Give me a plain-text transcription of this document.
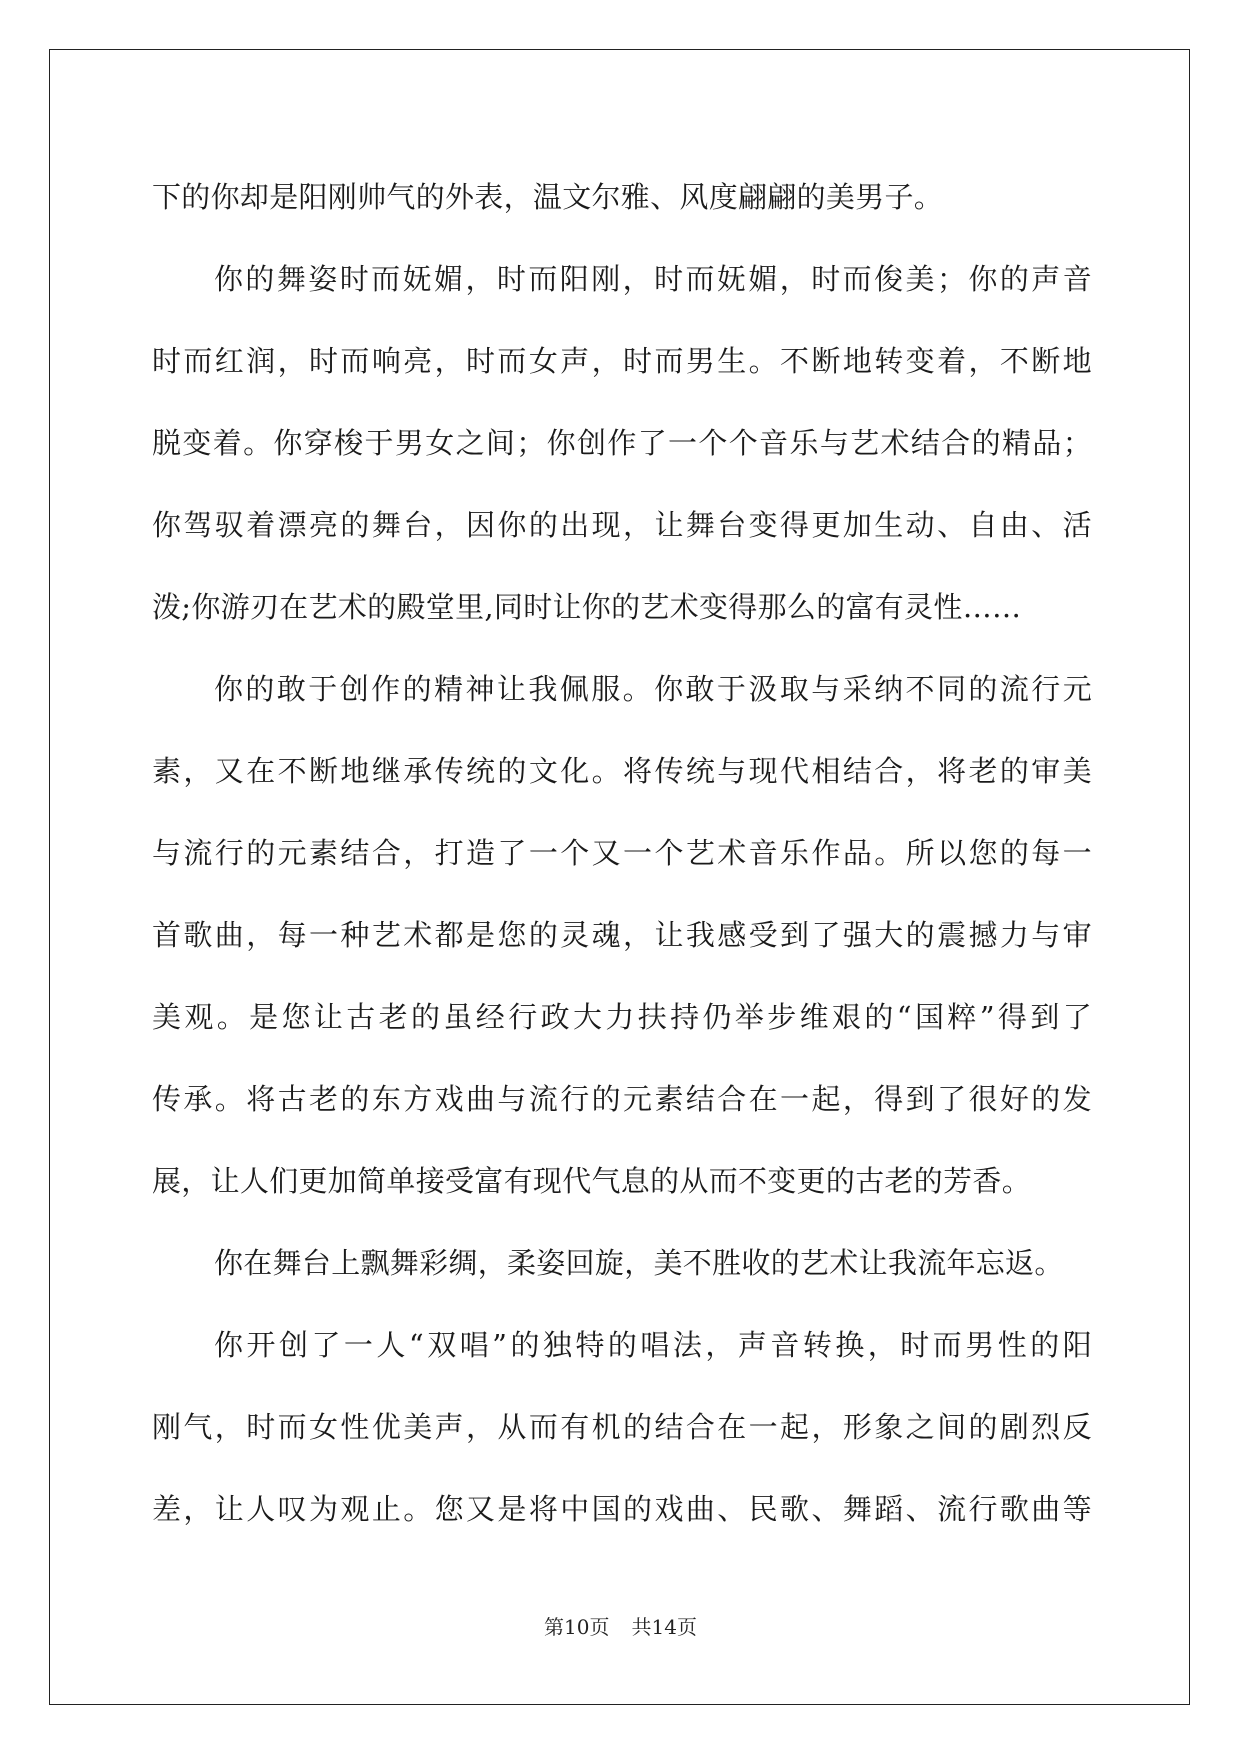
下的你却是阳刚帅气的外表，温文尔雅、风度翩翩的美男子。
你的舞姿时而妩媚，时而阳刚，时而妩媚，时而俊美；你的声音
时而红润，时而响亮，时而女声，时而男生。不断地转变着，不断地
脱变着。你穿梭于男女之间；你创作了一个个音乐与艺术结合的精品；
你驾驭着漂亮的舞台，因你的出现，让舞台变得更加生动、自由、活
泼;你游刃在艺术的殿堂里,同时让你的艺术变得那么的富有灵性……
你的敢于创作的精神让我佩服。你敢于汲取与采纳不同的流行元
素，又在不断地继承传统的文化。将传统与现代相结合，将老的审美
与流行的元素结合，打造了一个又一个艺术音乐作品。所以您的每一
首歌曲，每一种艺术都是您的灵魂，让我感受到了强大的震撼力与审
美观。是您让古老的虽经行政大力扶持仍举步维艰的“国粹”得到了
传承。将古老的东方戏曲与流行的元素结合在一起，得到了很好的发
展，让人们更加简单接受富有现代气息的从而不变更的古老的芳香。
你在舞台上飘舞彩绸，柔姿回旋，美不胜收的艺术让我流年忘返。
你开创了一人“双唱”的独特的唱法，声音转换，时而男性的阳
刚气，时而女性优美声，从而有机的结合在一起，形象之间的剧烈反
差，让人叹为观止。您又是将中国的戏曲、民歌、舞蹈、流行歌曲等
第10页 共14页
